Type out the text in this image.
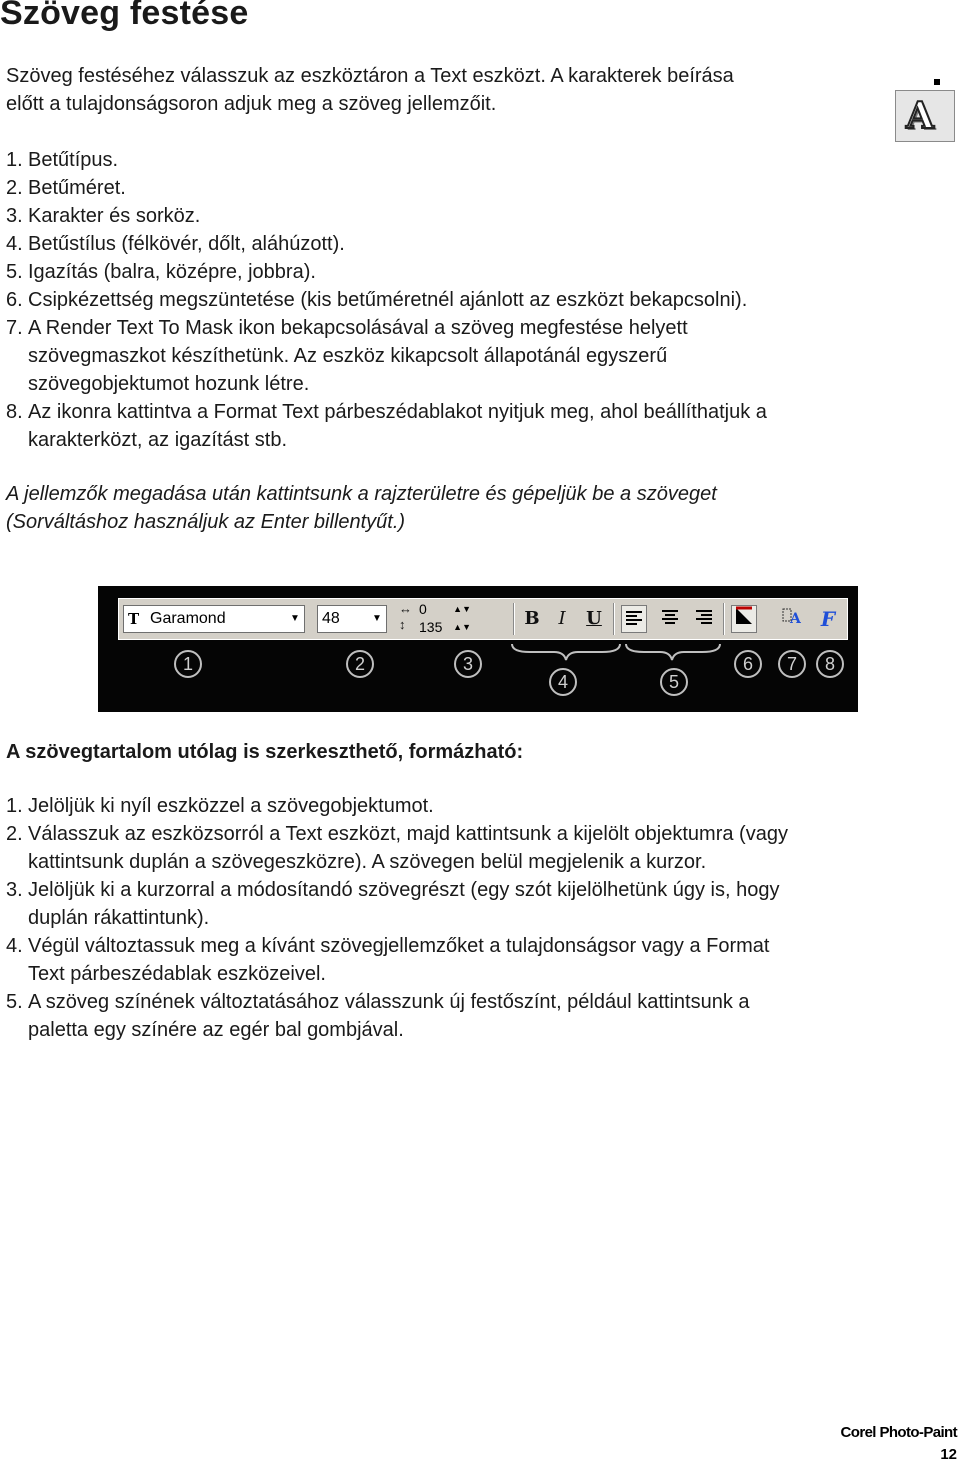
Szöveg festése

Szöveg festéséhez válasszuk az eszköztáron a Text eszközt. A karakterek beírása
előtt a tulajdonságsoron adjuk meg a szöveg jellemzőit.	A
1. Betűtípus.
2. Betűméret.
3. Karakter és sorköz.
4. Betűstílus (félkövér, dőlt, aláhúzott).
5. Igazítás (balra, középre, jobbra).
6. Csipkézettség megszüntetése (kis betűméretnél ajánlott az eszközt bekapcsolni).
7. A Render Text To Mask ikon bekapcsolásával a szöveg megfestése helyett
szövegmaszkot készíthetünk. Az eszköz kikapcsolt állapotánál egyszerű
szövegobjektumot hozunk létre.
8. Az ikonra kattintva a Format Text párbeszédablakot nyitjuk meg, ahol beállíthatjuk a
karakterközt, az igazítást stb.

A jellemzők megadása után kattintsunk a rajzterületre és gépeljük be a szöveget
(Sorváltáshoz használjuk az Enter billentyűt.)

T Garamond	▼ 48	▼
↔
↕
0	▲▼
135 ▲▼	B	I	U	A F
1	2	3
4	5
6	7	8

A szövegtartalom utólag is szerkeszthető, formázható:

1. Jelöljük ki nyíl eszközzel a szövegobjektumot.
2. Válasszuk az eszközsorról a Text eszközt, majd kattintsunk a kijelölt objektumra (vagy
kattintsunk duplán a szövegeszközre). A szövegen belül megjelenik a kurzor.
3. Jelöljük ki a kurzorral a módosítandó szövegrészt (egy szót kijelölhetünk úgy is, hogy
duplán rákattintunk).
4. Végül változtassuk meg a kívánt szövegjellemzőket a tulajdonságsor vagy a Format
Text párbeszédablak eszközeivel.
5. A szöveg színének változtatásához válasszunk új festőszínt, például kattintsunk a
paletta egy színére az egér bal gombjával.
Corel Photo-Paint
12
